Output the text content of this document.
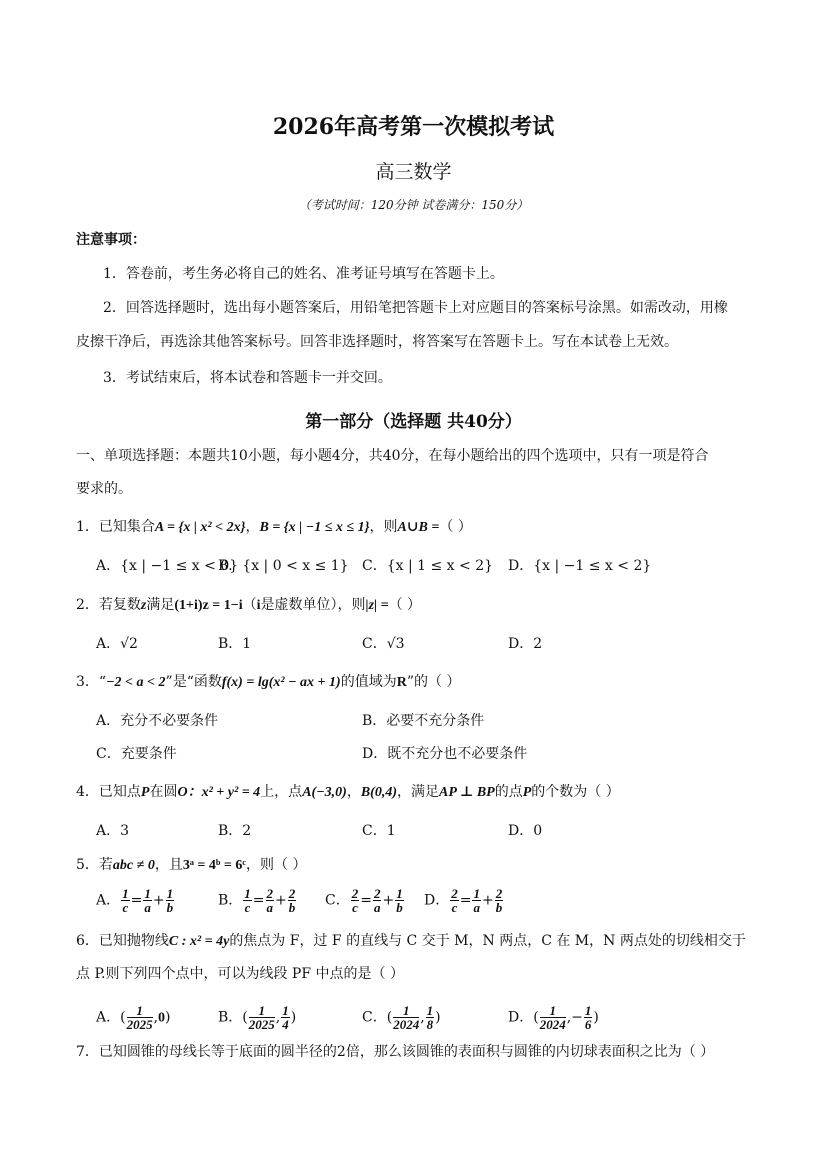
2026年高考第一次模拟考试
高三数学
（考试时间：120分钟 试卷满分：150分）
注意事项：
1．答卷前，考生务必将自己的姓名、准考证号填写在答题卡上。
2．回答选择题时，选出每小题答案后，用铅笔把答题卡上对应题目的答案标号涂黑。如需改动，用橡
皮擦干净后，再选涂其他答案标号。回答非选择题时，将答案写在答题卡上。写在本试卷上无效。
3．考试结束后，将本试卷和答题卡一并交回。
第一部分（选择题 共40分）
一、单项选择题：本题共10小题，每小题4分，共40分，在每小题给出的四个选项中，只有一项是符合
要求的。
1．已知集合A = {x | x² < 2x}，B = {x | −1 ≤ x ≤ 1}，则A∪B =（ ）
A．{x | −1 ≤ x < 0}
B．{x | 0 < x ≤ 1} C．{x | 1 ≤ x < 2} D．{x | −1 ≤ x < 2}
2．若复数z满足(1+i)z = 1−i（i是虚数单位），则|z| =（ ）
A．√2	B．1	C．√3	D．2
3．“−2 < a < 2”是“函数f(x) = lg(x² − ax + 1)的值域为R”的（ ）
A．充分不必要条件	B．必要不充分条件
C．充要条件	D．既不充分也不必要条件
4．已知点P在圆O：x² + y² = 4上，点A(−3,0)，B(0,4)，满足AP ⊥ BP的点P的个数为（ ）
A．3	B．2	C．1	D．0
5．若abc ≠ 0，且3ᵃ = 4ᵇ = 6ᶜ，则（ ）
A． $\frac{1}{c} = \frac{1}{a} + \frac{1}{b}$	B． $\frac{1}{c} = \frac{2}{a} + \frac{2}{b}$ C． $\frac{2}{c} = \frac{2}{a} + \frac{1}{b}$ D． $\frac{2}{c} = \frac{1}{a} + \frac{2}{b}$
6．已知抛物线C : x² = 4y的焦点为 F，过 F 的直线与 C 交于 M，N 两点，C 在 M，N 两点处的切线相交于
点 P.则下列四个点中，可以为线段 PF 中点的是（ ）
A．( $\frac{1}{2025} ,0$)	B．( $\frac{1}{2025}$ , $\frac{1}{4}$ )	C．( $\frac{1}{2024}$ , $\frac{1}{8}$ )	D．( $\frac{1}{2024}$ ,− $\frac{1}{6}$ )
7．已知圆锥的母线长等于底面的圆半径的2倍，那么该圆锥的表面积与圆锥的内切球表面积之比为（ ）
